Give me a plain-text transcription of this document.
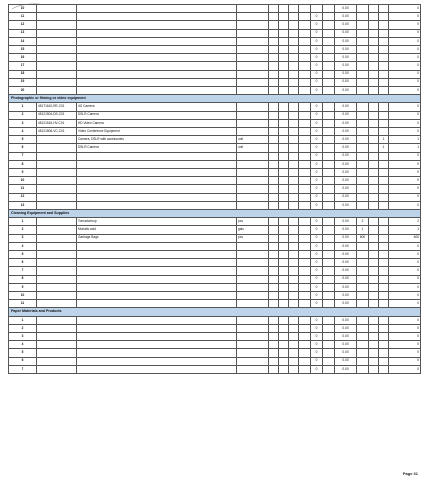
10										0.00				0
11								0		0.00				0
12								0		0.00				0
13								0		0.00				0
14								0		0.00				0
15								0		0.00				0
16								0		0.00				0
17								0		0.00				0
18								0		0.00				0
19								0		0.00				0
20								0		0.00				0
Photographic or filming or video equipment														
1	45171610-RE-C01	4G Camera						0		0.00				0
2	45121504-DS-C01	DSLR Camera						0		0.00				0
3	45121516-HV-C01	HD Video Camera						0		0.00				0
4	45121506-VC-C01	Video Conference Equipment						0		0.00				0
5		Camera, DSLR with accessories	unit					0		0.00			1	1
6		DSLR Camera	unit					0		0.00			1	1
7								0		0.00				0
8								0		0.00				0
9								0		0.00				0
10								0		0.00				0
11								0		0.00				0
12								0		0.00				0
13								0		0.00				0
Cleaning Equipment and Supplies														
1		Tornado/mop	pcs					0		0.00	2			2
2		Muriatic acid	gals					0		0.00	1			1
3		Garbage Bags	pcs					0		0.00	600			600
4								0		0.00				0
5								0		0.00				0
6								0		0.00				0
7								0		0.00				0
8								0		0.00				0
9								0		0.00				0
10								0		0.00				0
11								0		0.00				0
Paper Materials and Products														
1								0		0.00				0
2								0		0.00				0
3								0		0.00				0
4								0		0.00				0
5								0		0.00				0
6								0		0.00				0
7								0		0.00				0
Page 31
